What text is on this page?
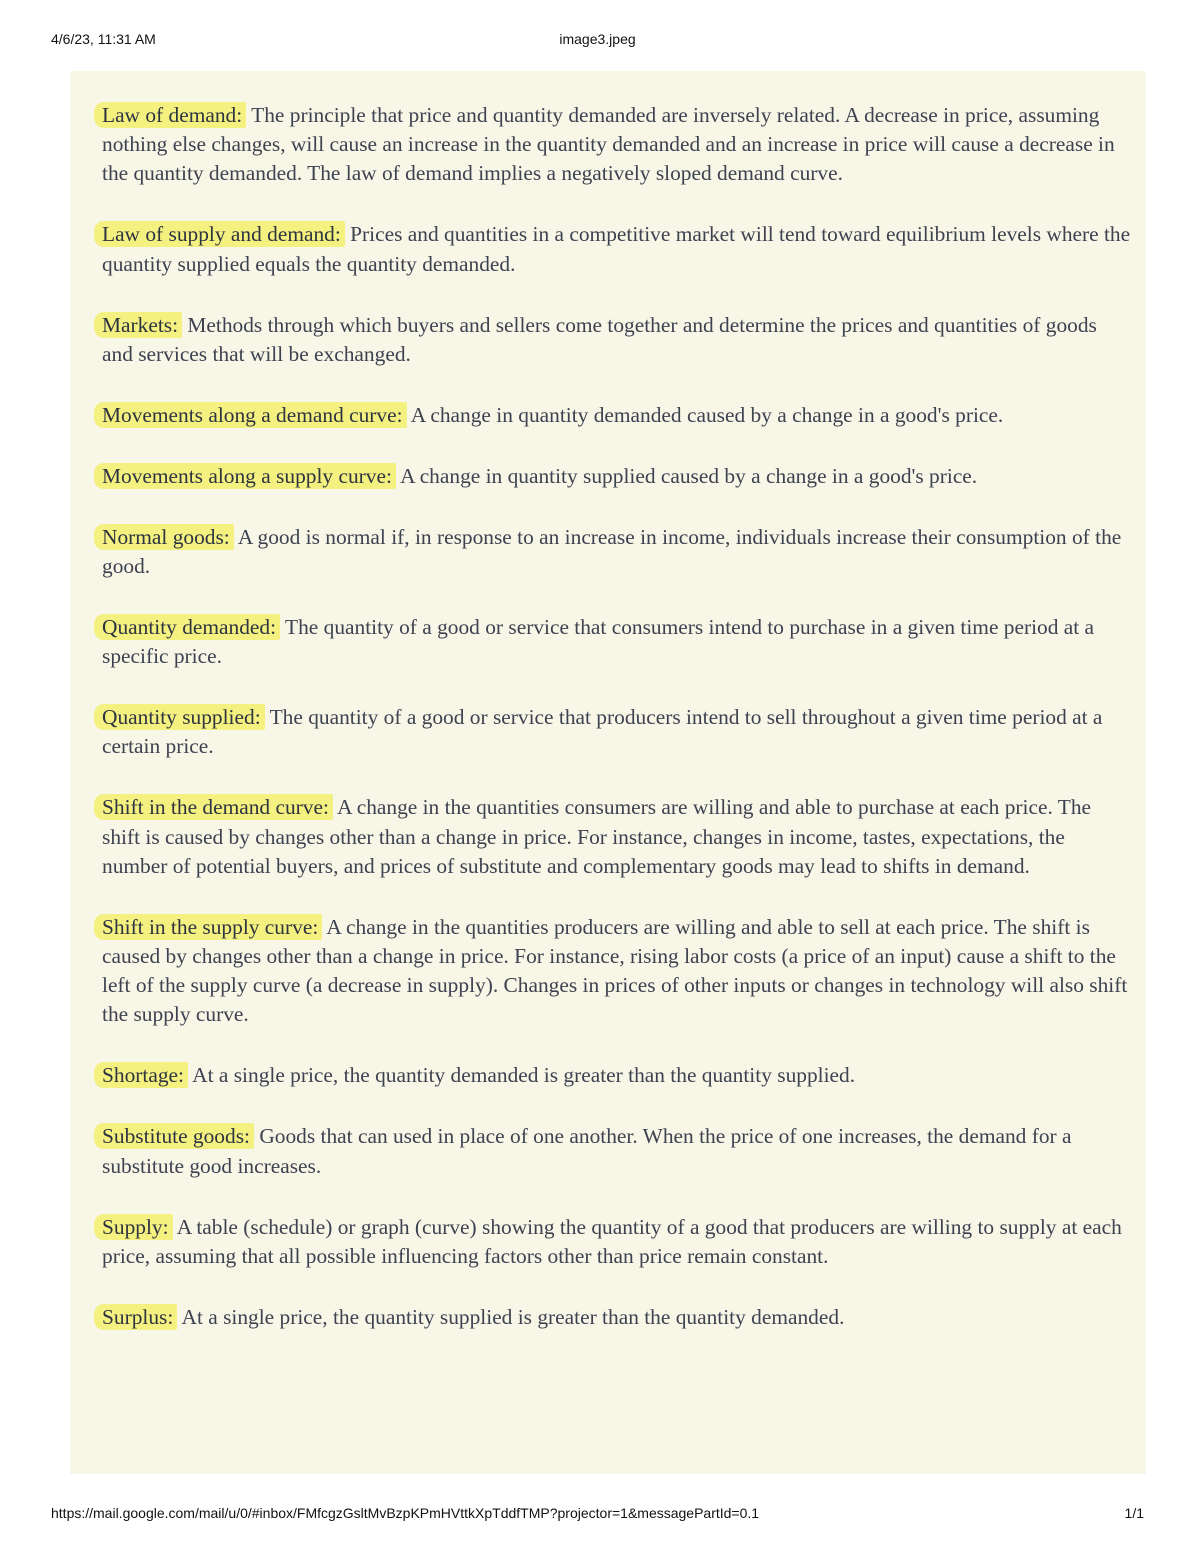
4/6/23, 11:31 AM	image3.jpeg

Law of demand: The principle that price and quantity demanded are inversely related. A decrease in price, assuming nothing else changes, will cause an increase in the quantity demanded and an increase in price will cause a decrease in the quantity demanded. The law of demand implies a negatively sloped demand curve.

Law of supply and demand: Prices and quantities in a competitive market will tend toward equilibrium levels where the quantity supplied equals the quantity demanded.

Markets: Methods through which buyers and sellers come together and determine the prices and quantities of goods and services that will be exchanged.

Movements along a demand curve: A change in quantity demanded caused by a change in a good's price.

Movements along a supply curve: A change in quantity supplied caused by a change in a good's price.

Normal goods: A good is normal if, in response to an increase in income, individuals increase their consumption of the good.

Quantity demanded: The quantity of a good or service that consumers intend to purchase in a given time period at a specific price.

Quantity supplied: The quantity of a good or service that producers intend to sell throughout a given time period at a certain price.

Shift in the demand curve: A change in the quantities consumers are willing and able to purchase at each price. The shift is caused by changes other than a change in price. For instance, changes in income, tastes, expectations, the number of potential buyers, and prices of substitute and complementary goods may lead to shifts in demand.

Shift in the supply curve: A change in the quantities producers are willing and able to sell at each price. The shift is caused by changes other than a change in price. For instance, rising labor costs (a price of an input) cause a shift to the left of the supply curve (a decrease in supply). Changes in prices of other inputs or changes in technology will also shift the supply curve.

Shortage: At a single price, the quantity demanded is greater than the quantity supplied.

Substitute goods: Goods that can used in place of one another. When the price of one increases, the demand for a substitute good increases.

Supply: A table (schedule) or graph (curve) showing the quantity of a good that producers are willing to supply at each price, assuming that all possible influencing factors other than price remain constant.

Surplus: At a single price, the quantity supplied is greater than the quantity demanded.

https://mail.google.com/mail/u/0/#inbox/FMfcgzGsltMvBzpKPmHVttkXpTddfTMP?projector=1&messagePartId=0.1	1/1
